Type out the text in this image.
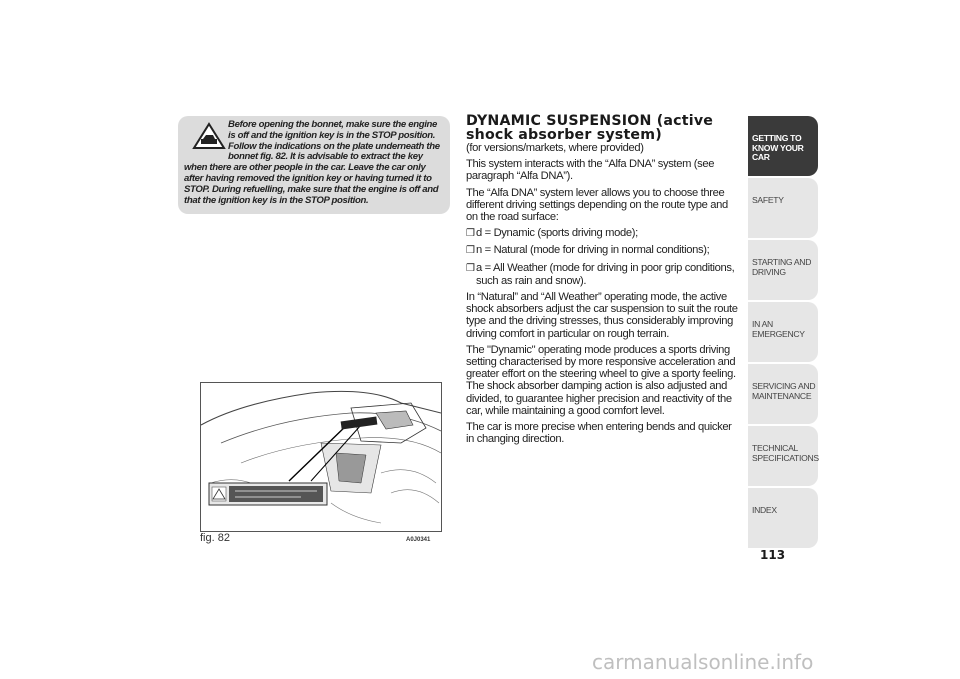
Before opening the bonnet, make sure the engine is off and the ignition key is in the STOP position. Follow the indications on the plate underneath the bonnet fig. 82. It is advisable to extract the key when there are other people in the car. Leave the car only after having removed the ignition key or having turned it to STOP. During refuelling, make sure that the engine is off and that the ignition key is in the STOP position.
fig. 82	A0J0341
DYNAMIC SUSPENSION (active shock absorber system)

(for versions/markets, where provided)

This system interacts with the “Alfa DNA” system (see paragraph “Alfa DNA”).

The “Alfa DNA” system lever allows you to choose three different driving settings depending on the route type and on the road surface:

❒d = Dynamic (sports driving mode);
❒n = Natural (mode for driving in normal conditions);
❒a = All Weather (mode for driving in poor grip conditions, such as rain and snow).

In “Natural” and “All Weather” operating mode, the active shock absorbers adjust the car suspension to suit the route type and the driving stresses, thus considerably improving driving comfort in particular on rough terrain.

The "Dynamic" operating mode produces a sports driving setting characterised by more responsive acceleration and greater effort on the steering wheel to give a sporty feeling. The shock absorber damping action is also adjusted and divided, to guarantee higher precision and reactivity of the car, while maintaining a good comfort level.

The car is more precise when entering bends and quicker in changing direction.

GETTING TO KNOW YOUR CAR
SAFETY
STARTING AND DRIVING
IN AN EMERGENCY
SERVICING AND MAINTENANCE
TECHNICAL SPECIFICATIONS
INDEX
113
carmanualsonline.info
